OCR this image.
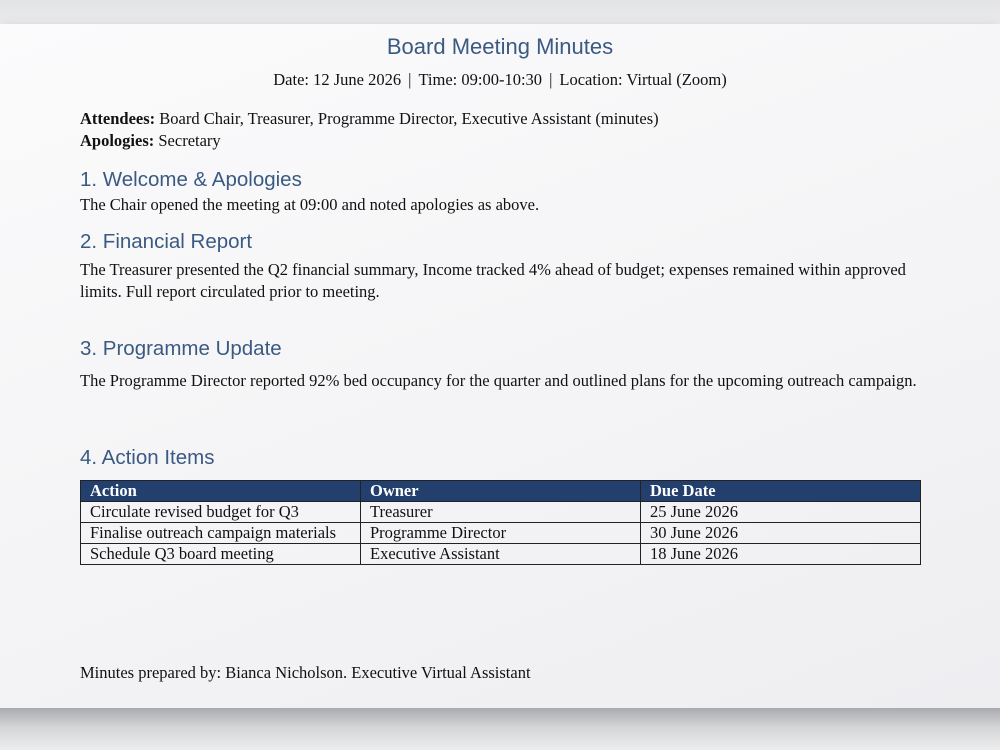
Board Meeting Minutes
Date: 12 June 2026 | Time: 09:00-10:30 | Location: Virtual (Zoom)
Attendees: Board Chair, Treasurer, Programme Director, Executive Assistant (minutes)
Apologies: Secretary
1. Welcome & Apologies
The Chair opened the meeting at 09:00 and noted apologies as above.
2. Financial Report
The Treasurer presented the Q2 financial summary, Income tracked 4% ahead of budget; expenses remained within approved limits. Full report circulated prior to meeting.
3. Programme Update
The Programme Director reported 92% bed occupancy for the quarter and outlined plans for the upcoming outreach campaign.
4. Action Items
Action	Owner	Due Date
Circulate revised budget for Q3	Treasurer	25 June 2026
Finalise outreach campaign materials	Programme Director	30 June 2026
Schedule Q3 board meeting	Executive Assistant	18 June 2026
Minutes prepared by: Bianca Nicholson. Executive Virtual Assistant
